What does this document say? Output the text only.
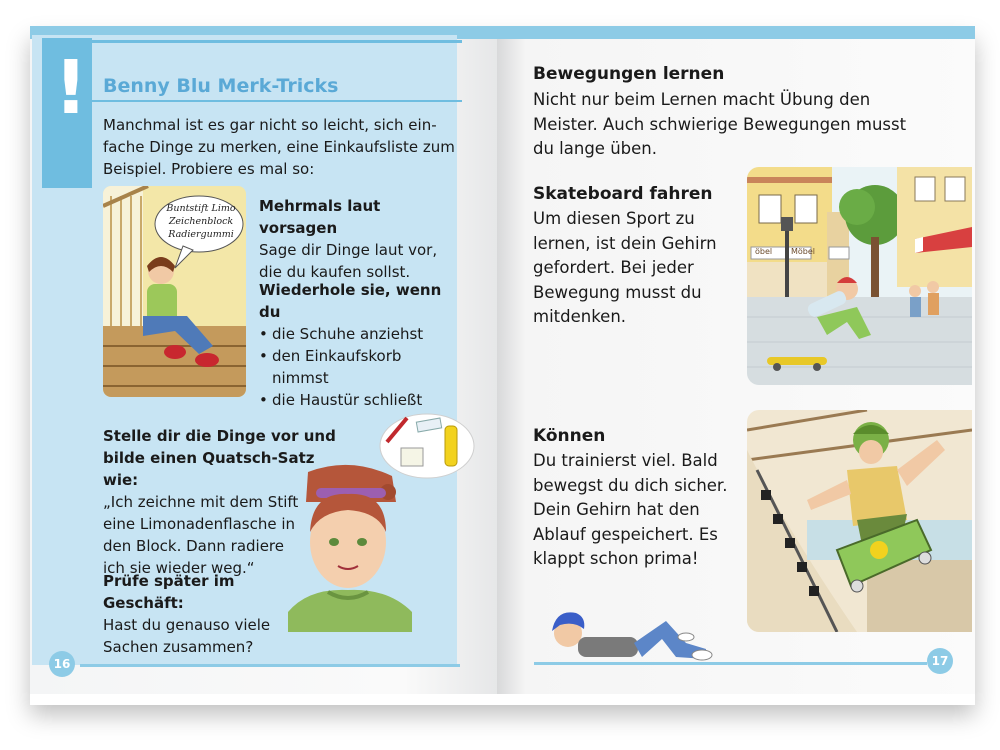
! Benny Blu Merk-Tricks
Manchmal ist es gar nicht so leicht, sich ein-
fache Dinge zu merken, eine Einkaufsliste zum
Beispiel. Probiere es mal so:
Buntstift Limo
Zeichenblock
Radiergummi
Mehrmals laut vorsagen
Sage dir Dinge laut vor,
die du kaufen sollst.
Wiederhole sie, wenn du
• die Schuhe anziehst
• den Einkaufskorb
nimmst
• die Haustür schließt
Stelle dir die Dinge vor und
bilde einen Quatsch-Satz wie:
„Ich zeichne mit dem Stift
eine Limonadenflasche in
den Block. Dann radiere
ich sie wieder weg.“
Prüfe später im Geschäft:
Hast du genauso viele
Sachen zusammen?
16
Bewegungen lernen
Nicht nur beim Lernen macht Übung den
Meister. Auch schwierige Bewegungen musst
du lange üben.
Skateboard fahren
Um diesen Sport zu
lernen, ist dein Gehirn
gefordert. Bei jeder
Bewegung musst du
mitdenken.
öbel Möbel
Können
Du trainierst viel. Bald
bewegst du dich sicher.
Dein Gehirn hat den
Ablauf gespeichert. Es
klappt schon prima!
17
